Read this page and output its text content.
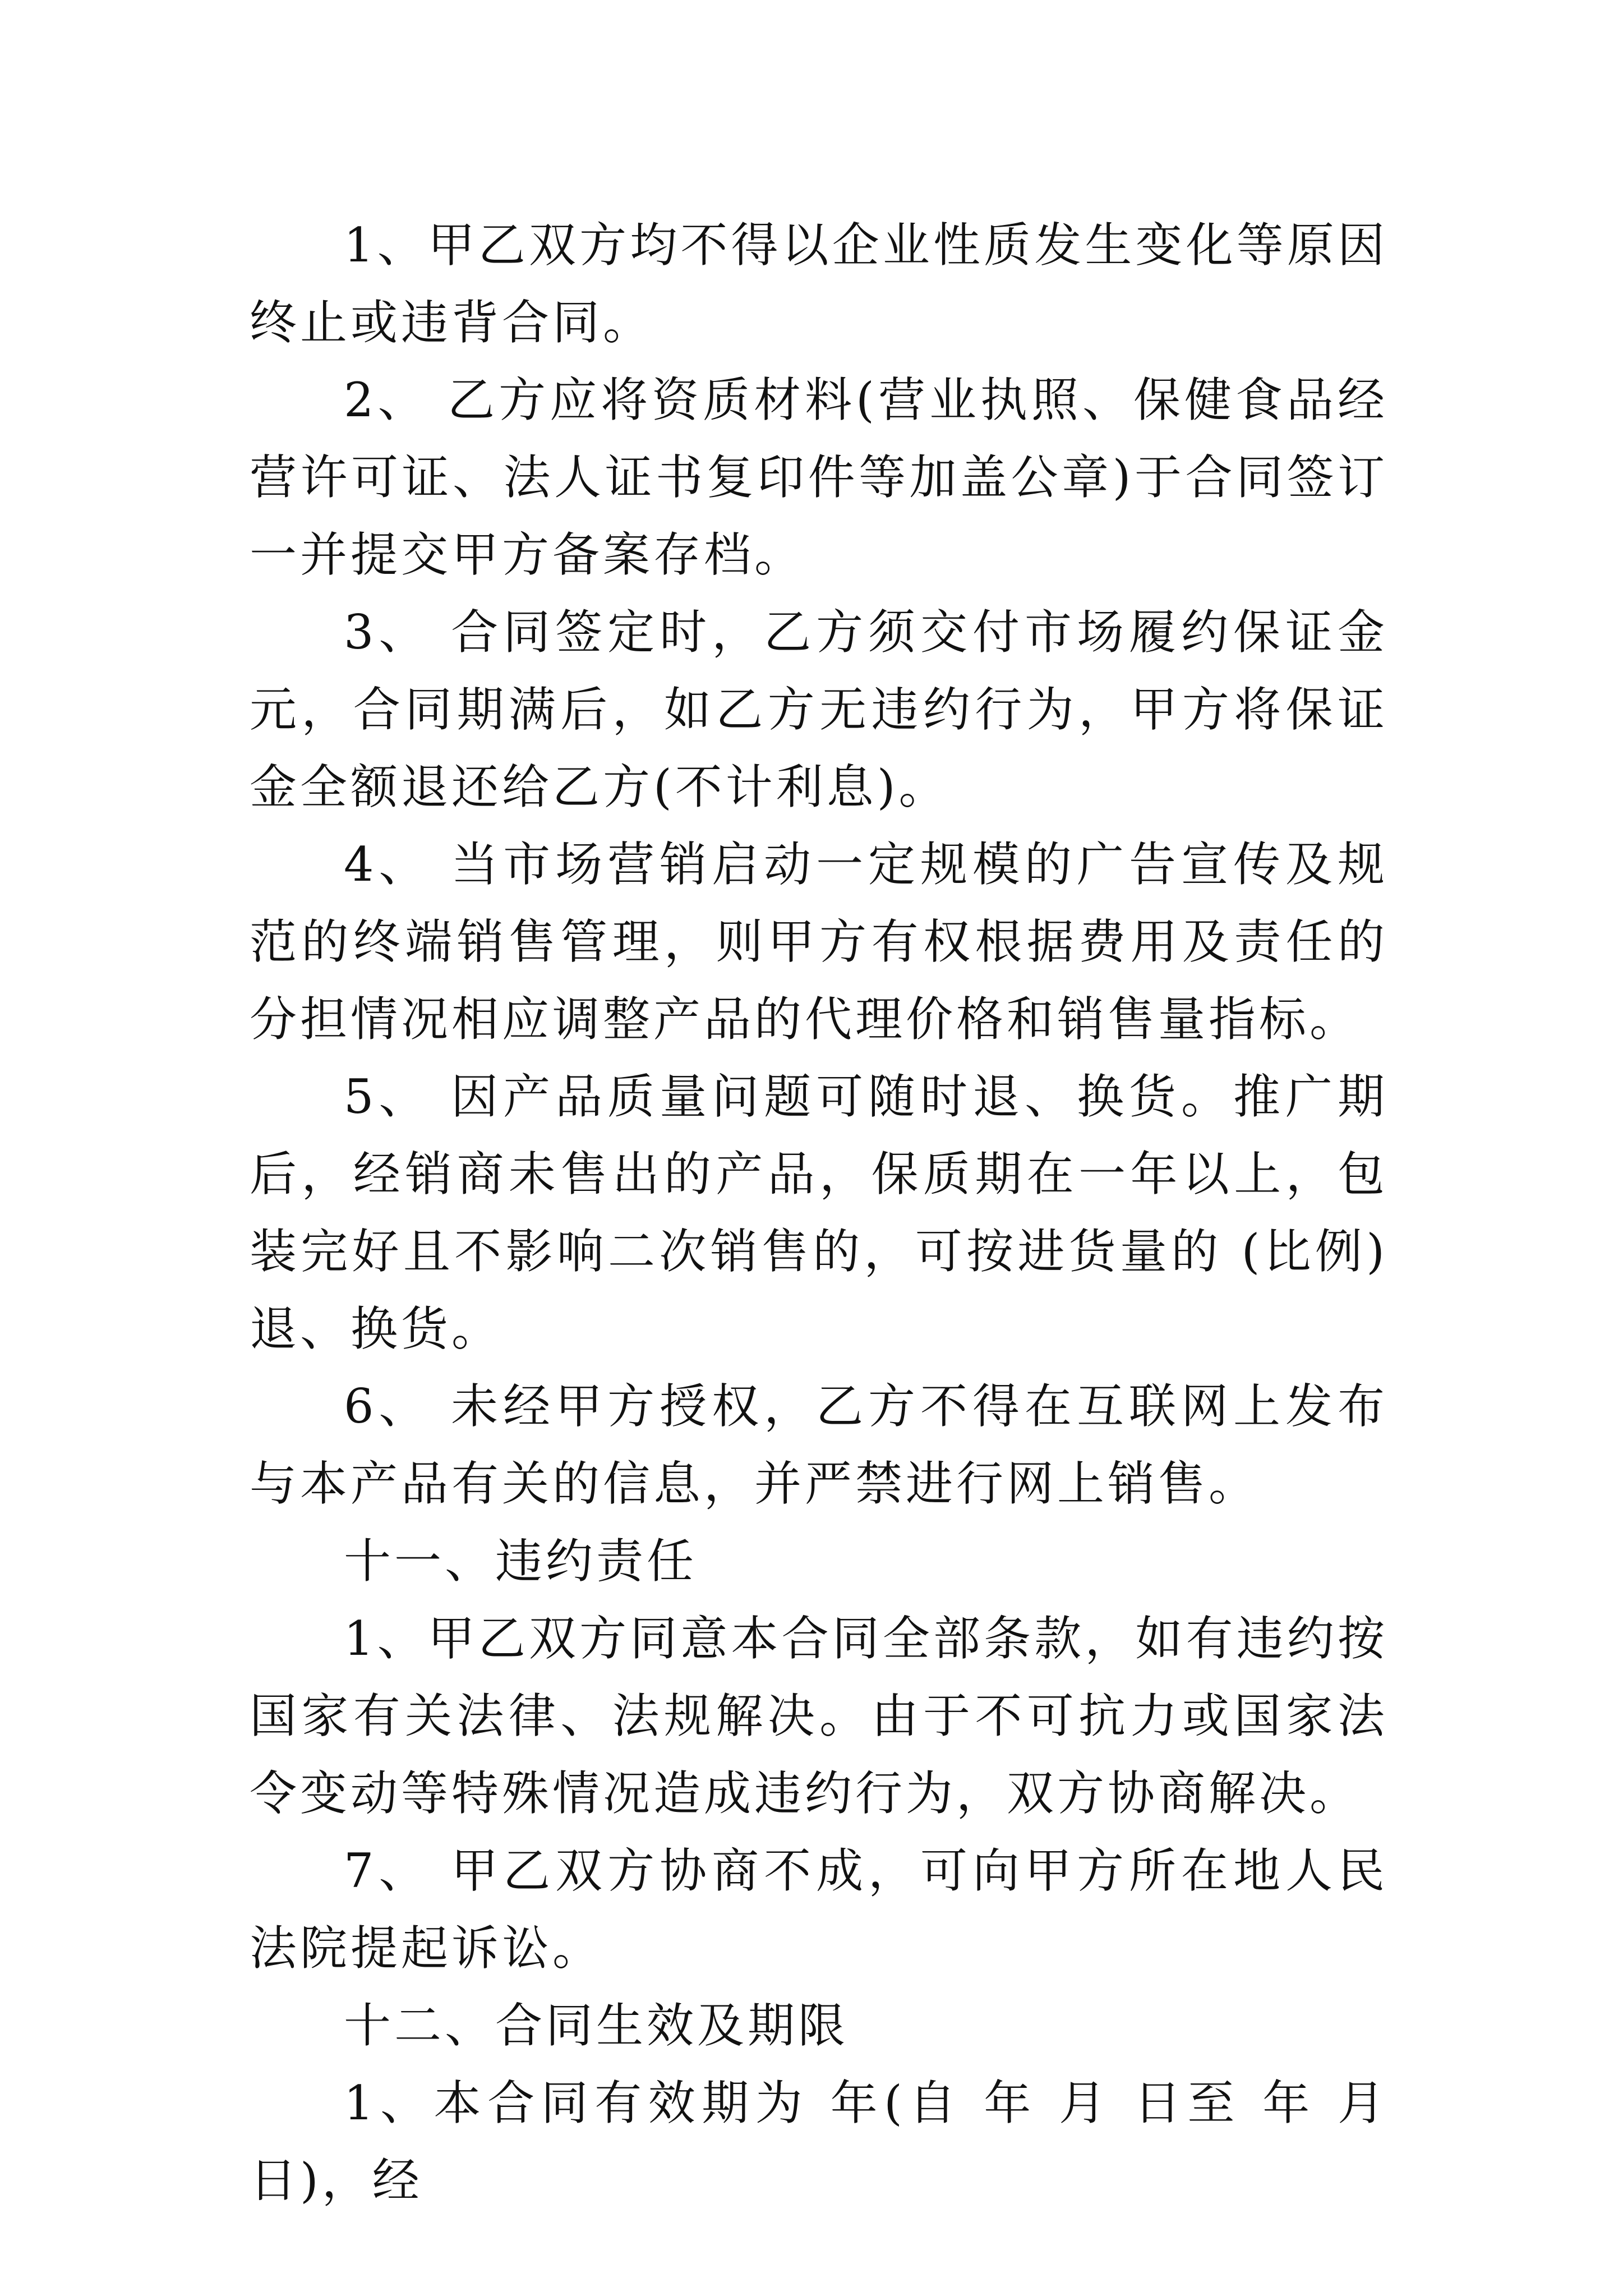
1、甲乙双方均不得以企业性质发生变化等原因终止或违背合同。

2、 乙方应将资质材料(营业执照、保健食品经营许可证、法人证书复印件等加盖公章)于合同签订一并提交甲方备案存档。

3、 合同签定时，乙方须交付市场履约保证金 元，合同期满后，如乙方无违约行为，甲方将保证金全额退还给乙方(不计利息)。

4、 当市场营销启动一定规模的广告宣传及规范的终端销售管理，则甲方有权根据费用及责任的分担情况相应调整产品的代理价格和销售量指标。

5、 因产品质量问题可随时退、换货。推广期后，经销商未售出的产品，保质期在一年以上，包装完好且不影响二次销售的，可按进货量的 (比例)退、换货。

6、 未经甲方授权，乙方不得在互联网上发布与本产品有关的信息，并严禁进行网上销售。

十一、违约责任

1、甲乙双方同意本合同全部条款，如有违约按国家有关法律、法规解决。由于不可抗力或国家法令变动等特殊情况造成违约行为，双方协商解决。

7、 甲乙双方协商不成，可向甲方所在地人民法院提起诉讼。

十二、合同生效及期限

1、本合同有效期为 年(自 年 月 日至 年 月 日)，经
